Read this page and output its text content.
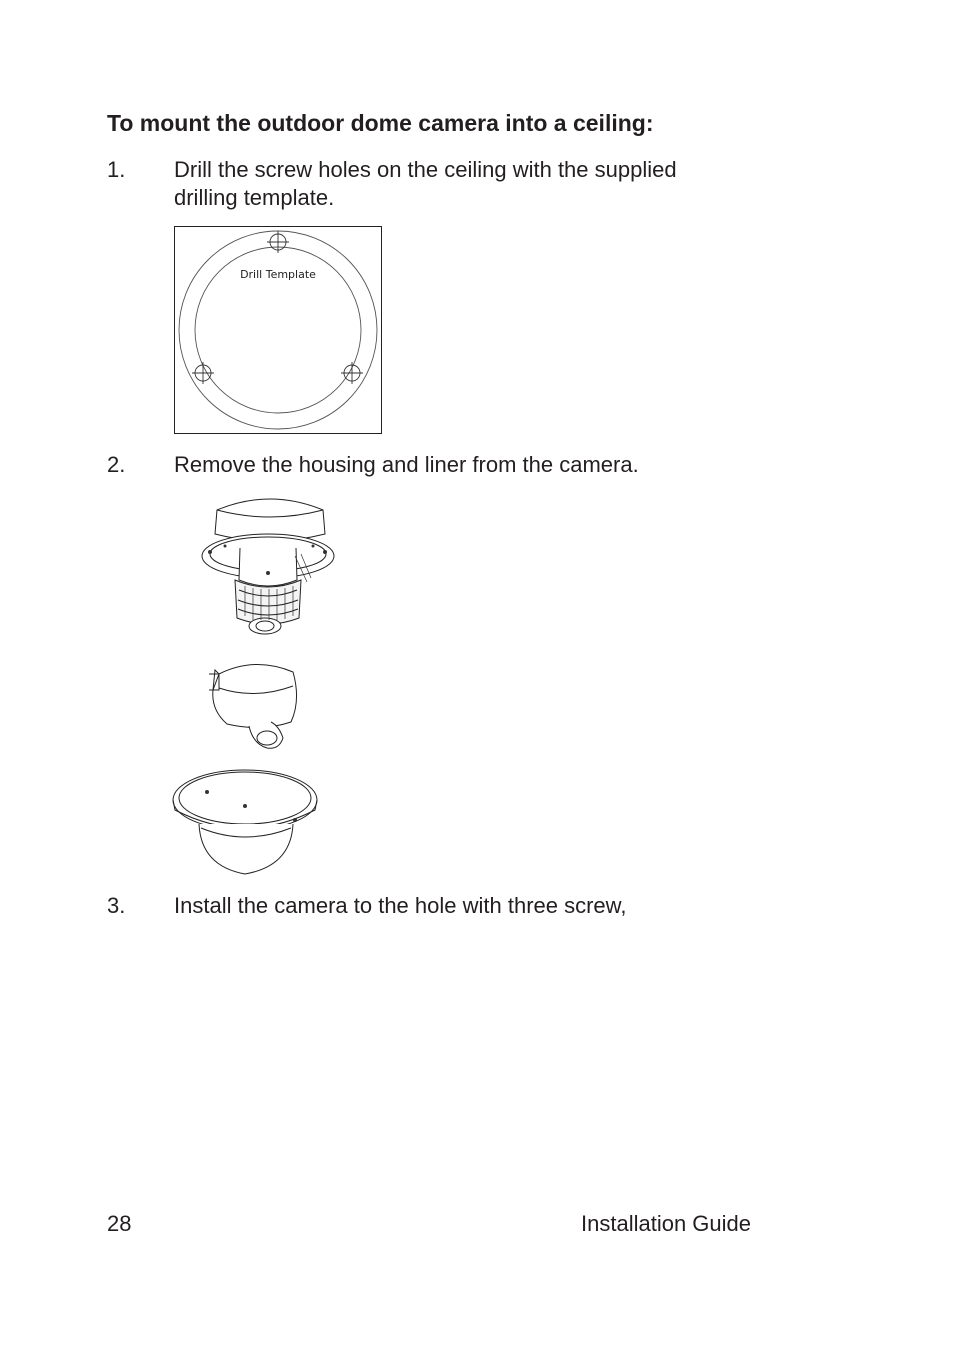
To mount the outdoor dome camera into a ceiling:
1.	Drill the screw holes on the ceiling with the supplied drilling template.
Drill Template
2.	Remove the housing and liner from the camera.
3.	Install the camera to the hole with three screw,
28	Installation Guide
